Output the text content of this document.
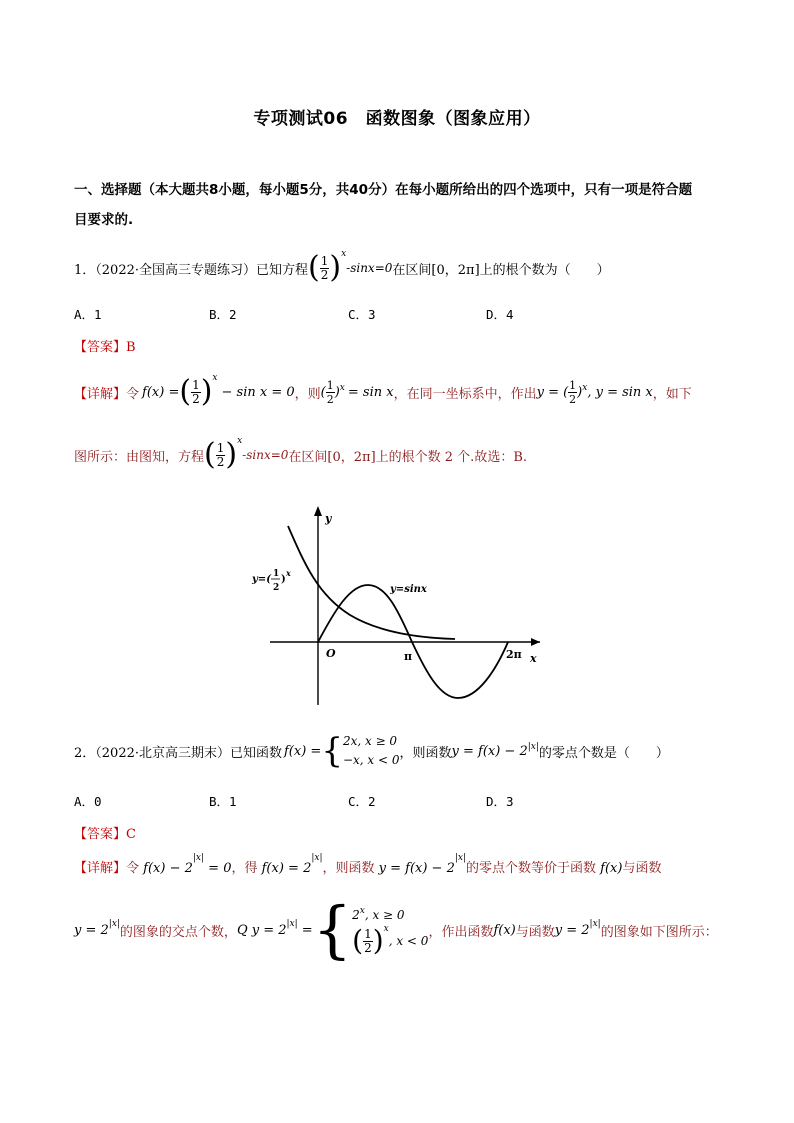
专项测试06　函数图象（图象应用）
一、选择题（本大题共8小题，每小题5分，共40分）在每小题所给出的四个选项中，只有一项是符合题
目要求的.
1．（2022·全国高三专题练习）已知方程 ( $\frac{1}{2}$ ) x
-sinx=0 在区间[0，2π]上的根个数为（　　）
A．1	B．2	C．3	D．4
【答案】B
【详解】 令 f(x) = ( $\frac{1}{2}$ ) x
− sin x = 0 ，则 ( $\frac{1}{2}$ ) x = sin x ，在同一坐标系中，作出 y = ( $\frac{1}{2}$ ) x , y = sin x ，如下
图所示：由图知，方程 ( $\frac{1}{2}$ ) x
-sinx=0 在区间[0，2π]上的根个数 2 个.故选：B.
y
x
O	π	2π
y=sinx
y=( 1
2
)
x
2．（2022·北京高三期末）已知函数 f(x) = { 2x, x ≥ 0
−x, x < 0 ，则函数 y = f(x) − 2 |x| 的零点个数是（　　）
A．0	B．1	C．2	D．3
【答案】C
【详解】令 $f(x) - 2^{|x|} = 0$，得 $f(x) = 2^{|x|}$，则函数 $y = f(x) - 2^{|x|}$的零点个数等价于函数 f(x)与函数
y = 2 |x|
的图象的交点个数， Q y = 2 |x| = { 2$^x$, x ≥ 0
( $\frac{1}{2}$ ) x
, x < 0
，作出函数 f(x) 与函数 y = 2 |x|
的图象如下图所示：
